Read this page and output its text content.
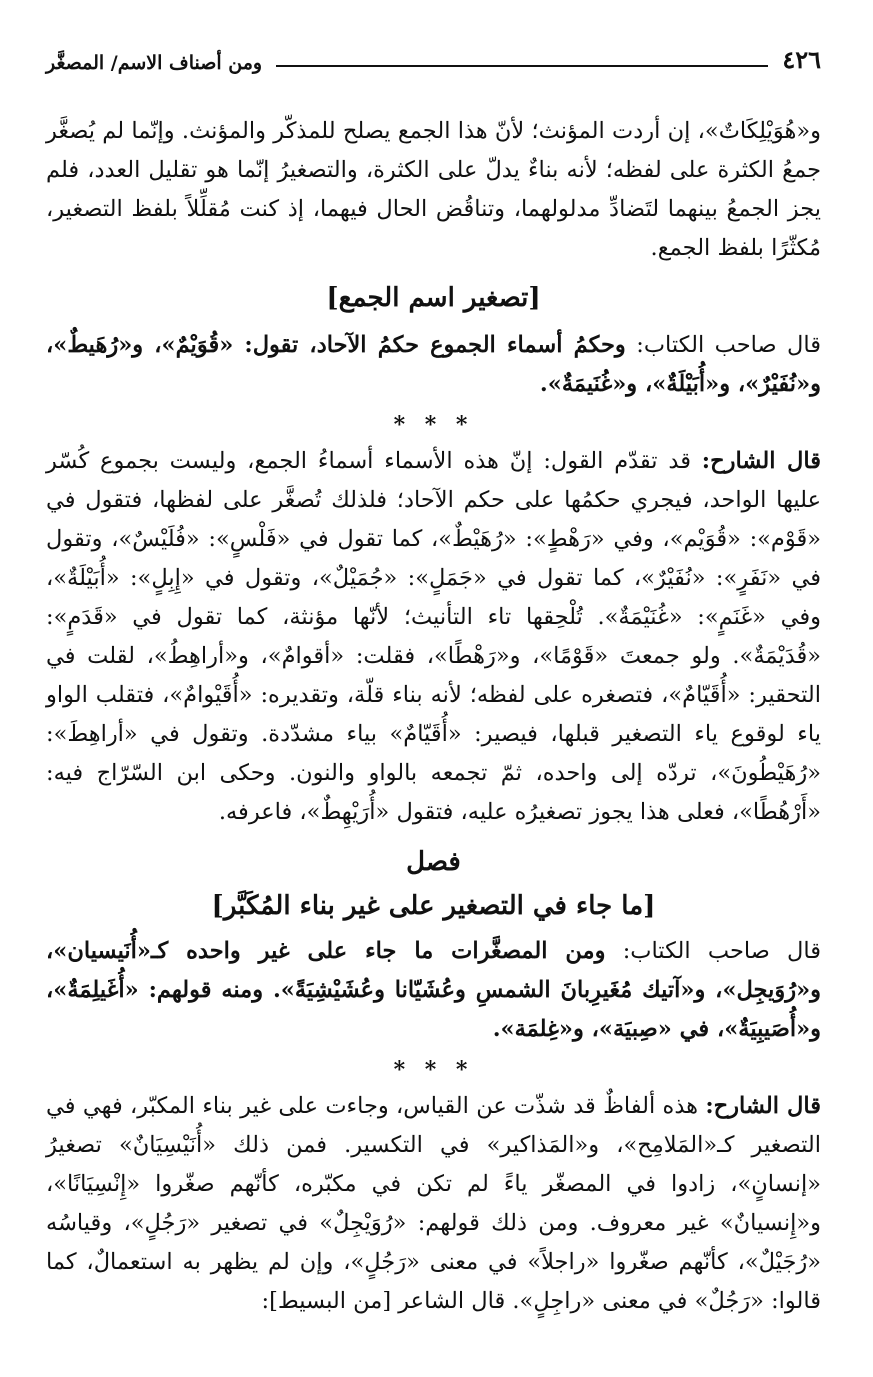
٤٢٦
ومن أصناف الاسم/ المصغَّر

و«هُوَيْلِكَاتٌ»، إن أردت المؤنث؛ لأنّ هذا الجمع يصلح للمذكّر والمؤنث. وإنّما لم يُصغَّر جمعُ الكثرة على لفظه؛ لأنه بناءٌ يدلّ على الكثرة، والتصغيرُ إنّما هو تقليل العدد، فلم يجز الجمعُ بينهما لتَضادِّ مدلولهما، وتناقُض الحال فيهما، إذ كنت مُقلِّلاً بلفظ التصغير، مُكثّرًا بلفظ الجمع.

[تصغير اسم الجمع]

قال صاحب الكتاب: وحكمُ أسماء الجموع حكمُ الآحاد، تقول: «قُوَيْمٌ»، و«رُهَيطٌ»، و«نُفَيْرٌ»، و«أُبَيْلَةٌ»، و«غُنَيمَةٌ».

* * *

قال الشارح: قد تقدّم القول: إنّ هذه الأسماء أسماءُ الجمع، وليست بجموع كُسّر عليها الواحد، فيجري حكمُها على حكم الآحاد؛ فلذلك تُصغَّر على لفظها، فتقول في «قَوْم»: «قُوَيْم»، وفي «رَهْطٍ»: «رُهَيْطٌ»، كما تقول في «فَلْسٍ»: «فُلَيْسٌ»، وتقول في «نَفَرٍ»: «نُفَيْرٌ»، كما تقول في «جَمَلٍ»: «جُمَيْلٌ»، وتقول في «إِبِلٍ»: «أُبَيْلَةٌ»، وفي «غَنَمٍ»: «غُنَيْمَةٌ». تُلْحِقها تاء التأنيث؛ لأنّها مؤنثة، كما تقول في «قَدَمٍ»: «قُدَيْمَةٌ». ولو جمعتَ «قَوْمًا»، و«رَهْطًا»، فقلت: «أقوامٌ»، و«أراهِطُ»، لقلت في التحقير: «أُقَيّامٌ»، فتصغره على لفظه؛ لأنه بناء قلّة، وتقديره: «أُقَيْوامٌ»، فتقلب الواو ياء لوقوع ياء التصغير قبلها، فيصير: «أُقَيّامٌ» بياء مشدّدة. وتقول في «أراهِطَ»: «رُهَيْطُونَ»، تردّه إلى واحده، ثمّ تجمعه بالواو والنون. وحكى ابن السّرّاج فيه: «أَرْهُطًا»، فعلى هذا يجوز تصغيرُه عليه، فتقول «أُرَيْهِطٌ»، فاعرفه.

فصل
[ما جاء في التصغير على غير بناء المُكَبَّر]

قال صاحب الكتاب: ومن المصغَّرات ما جاء على غير واحده كـ«أُنَيسيان»، و«رُوَيجِل»، و«آتيك مُغَيرِبانَ الشمسِ وعُشَيّانا وعُشَيْشِيَةً». ومنه قولهم: «أُغَيلِمَةٌ»، و«أُصَيبِيَةٌ»، في «صِبيَة»، و«غِلمَة».

* * *

قال الشارح: هذه ألفاظٌ قد شذّت عن القياس، وجاءت على غير بناء المكبّر، فهي في التصغير كـ«المَلامِح»، و«المَذاكير» في التكسير. فمن ذلك «أُنَيْسِيَانٌ» تصغيرُ «إنسانٍ»، زادوا في المصغّر ياءً لم تكن في مكبّره، كأنّهم صغّروا «إِنْسِيَانًا»، و«إِنسيانٌ» غير معروف. ومن ذلك قولهم: «رُوَيْجِلٌ» في تصغير «رَجُلٍ»، وقياسُه «رُجَيْلٌ»، كأنّهم صغّروا «راجلاً» في معنى «رَجُلٍ»، وإن لم يظهر به استعمالٌ، كما قالوا: «رَجُلٌ» في معنى «راجِلٍ». قال الشاعر [من البسيط]:
